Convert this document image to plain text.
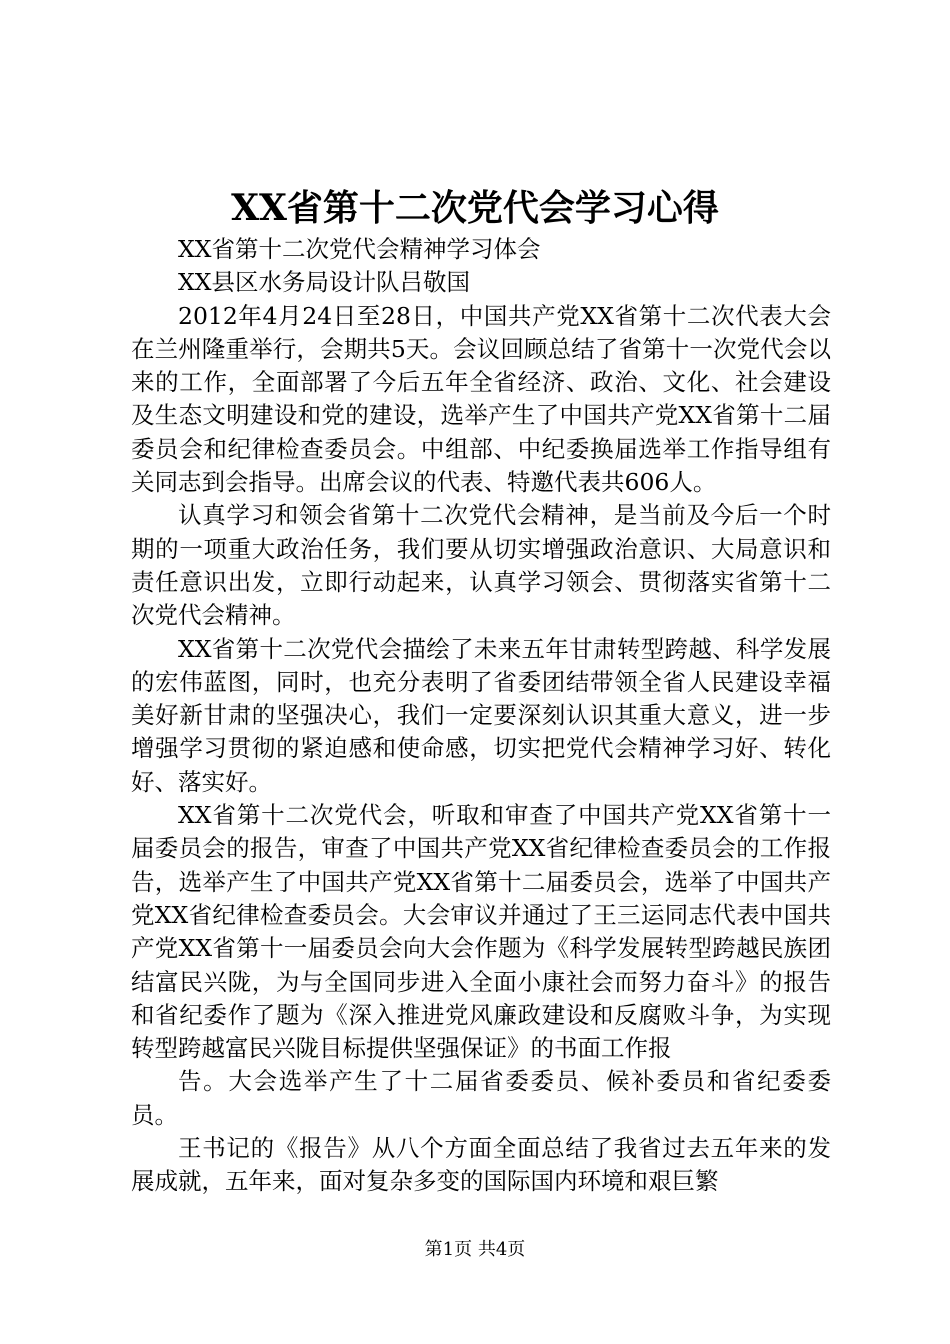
XX省第十二次党代会学习心得

XX省第十二次党代会精神学习体会

XX县区水务局设计队吕敬国

2012年4月24日至28日，中国共产党XX省第十二次代表大会在兰州隆重举行，会期共5天。会议回顾总结了省第十一次党代会以来的工作，全面部署了今后五年全省经济、政治、文化、社会建设及生态文明建设和党的建设，选举产生了中国共产党XX省第十二届委员会和纪律检查委员会。中组部、中纪委换届选举工作指导组有关同志到会指导。出席会议的代表、特邀代表共606人。

认真学习和领会省第十二次党代会精神，是当前及今后一个时期的一项重大政治任务，我们要从切实增强政治意识、大局意识和责任意识出发，立即行动起来，认真学习领会、贯彻落实省第十二次党代会精神。

XX省第十二次党代会描绘了未来五年甘肃转型跨越、科学发展的宏伟蓝图，同时，也充分表明了省委团结带领全省人民建设幸福美好新甘肃的坚强决心，我们一定要深刻认识其重大意义，进一步增强学习贯彻的紧迫感和使命感，切实把党代会精神学习好、转化好、落实好。

XX省第十二次党代会，听取和审查了中国共产党XX省第十一届委员会的报告，审查了中国共产党XX省纪律检查委员会的工作报告，选举产生了中国共产党XX省第十二届委员会，选举了中国共产党XX省纪律检查委员会。大会审议并通过了王三运同志代表中国共产党XX省第十一届委员会向大会作题为《科学发展转型跨越民族团结富民兴陇，为与全国同步进入全面小康社会而努力奋斗》的报告和省纪委作了题为《深入推进党风廉政建设和反腐败斗争，为实现转型跨越富民兴陇目标提供坚强保证》的书面工作报

告。大会选举产生了十二届省委委员、候补委员和省纪委委员。

王书记的《报告》从八个方面全面总结了我省过去五年来的发展成就，五年来，面对复杂多变的国际国内环境和艰巨繁

第1页 共4页
